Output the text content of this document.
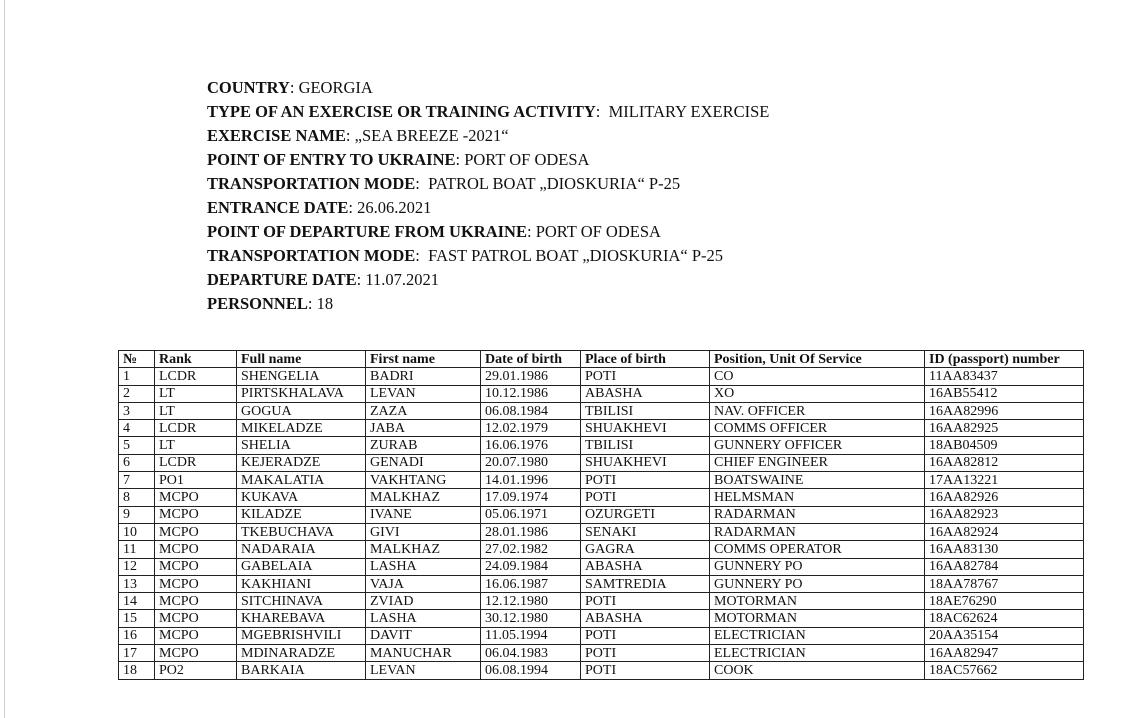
COUNTRY: GEORGIA
TYPE OF AN EXERCISE OR TRAINING ACTIVITY:  MILITARY EXERCISE
EXERCISE NAME: „SEA BREEZE -2021“
POINT OF ENTRY TO UKRAINE: PORT OF ODESA
TRANSPORTATION MODE:  PATROL BOAT „DIOSKURIA“ P-25
ENTRANCE DATE: 26.06.2021
POINT OF DEPARTURE FROM UKRAINE: PORT OF ODESA
TRANSPORTATION MODE:  FAST PATROL BOAT „DIOSKURIA“ P-25
DEPARTURE DATE: 11.07.2021
PERSONNEL: 18
№	Rank	Full name	First name	Date of birth	Place of birth	Position, Unit Of Service	ID (passport) number
1	LCDR	SHENGELIA	BADRI	29.01.1986	POTI	CO	11AA83437
2	LT	PIRTSKHALAVA	LEVAN	10.12.1986	ABASHA	XO	16AB55412
3	LT	GOGUA	ZAZA	06.08.1984	TBILISI	NAV. OFFICER	16AA82996
4	LCDR	MIKELADZE	JABA	12.02.1979	SHUAKHEVI	COMMS OFFICER	16AA82925
5	LT	SHELIA	ZURAB	16.06.1976	TBILISI	GUNNERY OFFICER	18AB04509
6	LCDR	KEJERADZE	GENADI	20.07.1980	SHUAKHEVI	CHIEF ENGINEER	16AA82812
7	PO1	MAKALATIA	VAKHTANG	14.01.1996	POTI	BOATSWAINE	17AA13221
8	MCPO	KUKAVA	MALKHAZ	17.09.1974	POTI	HELMSMAN	16AA82926
9	MCPO	KILADZE	IVANE	05.06.1971	OZURGETI	RADARMAN	16AA82923
10	MCPO	TKEBUCHAVA	GIVI	28.01.1986	SENAKI	RADARMAN	16AA82924
11	MCPO	NADARAIA	MALKHAZ	27.02.1982	GAGRA	COMMS OPERATOR	16AA83130
12	MCPO	GABELAIA	LASHA	24.09.1984	ABASHA	GUNNERY PO	16AA82784
13	MCPO	KAKHIANI	VAJA	16.06.1987	SAMTREDIA	GUNNERY PO	18AA78767
14	MCPO	SITCHINAVA	ZVIAD	12.12.1980	POTI	MOTORMAN	18AE76290
15	MCPO	KHAREBAVA	LASHA	30.12.1980	ABASHA	MOTORMAN	18AC62624
16	MCPO	MGEBRISHVILI	DAVIT	11.05.1994	POTI	ELECTRICIAN	20AA35154
17	MCPO	MDINARADZE	MANUCHAR	06.04.1983	POTI	ELECTRICIAN	16AA82947
18	PO2	BARKAIA	LEVAN	06.08.1994	POTI	COOK	18AC57662
